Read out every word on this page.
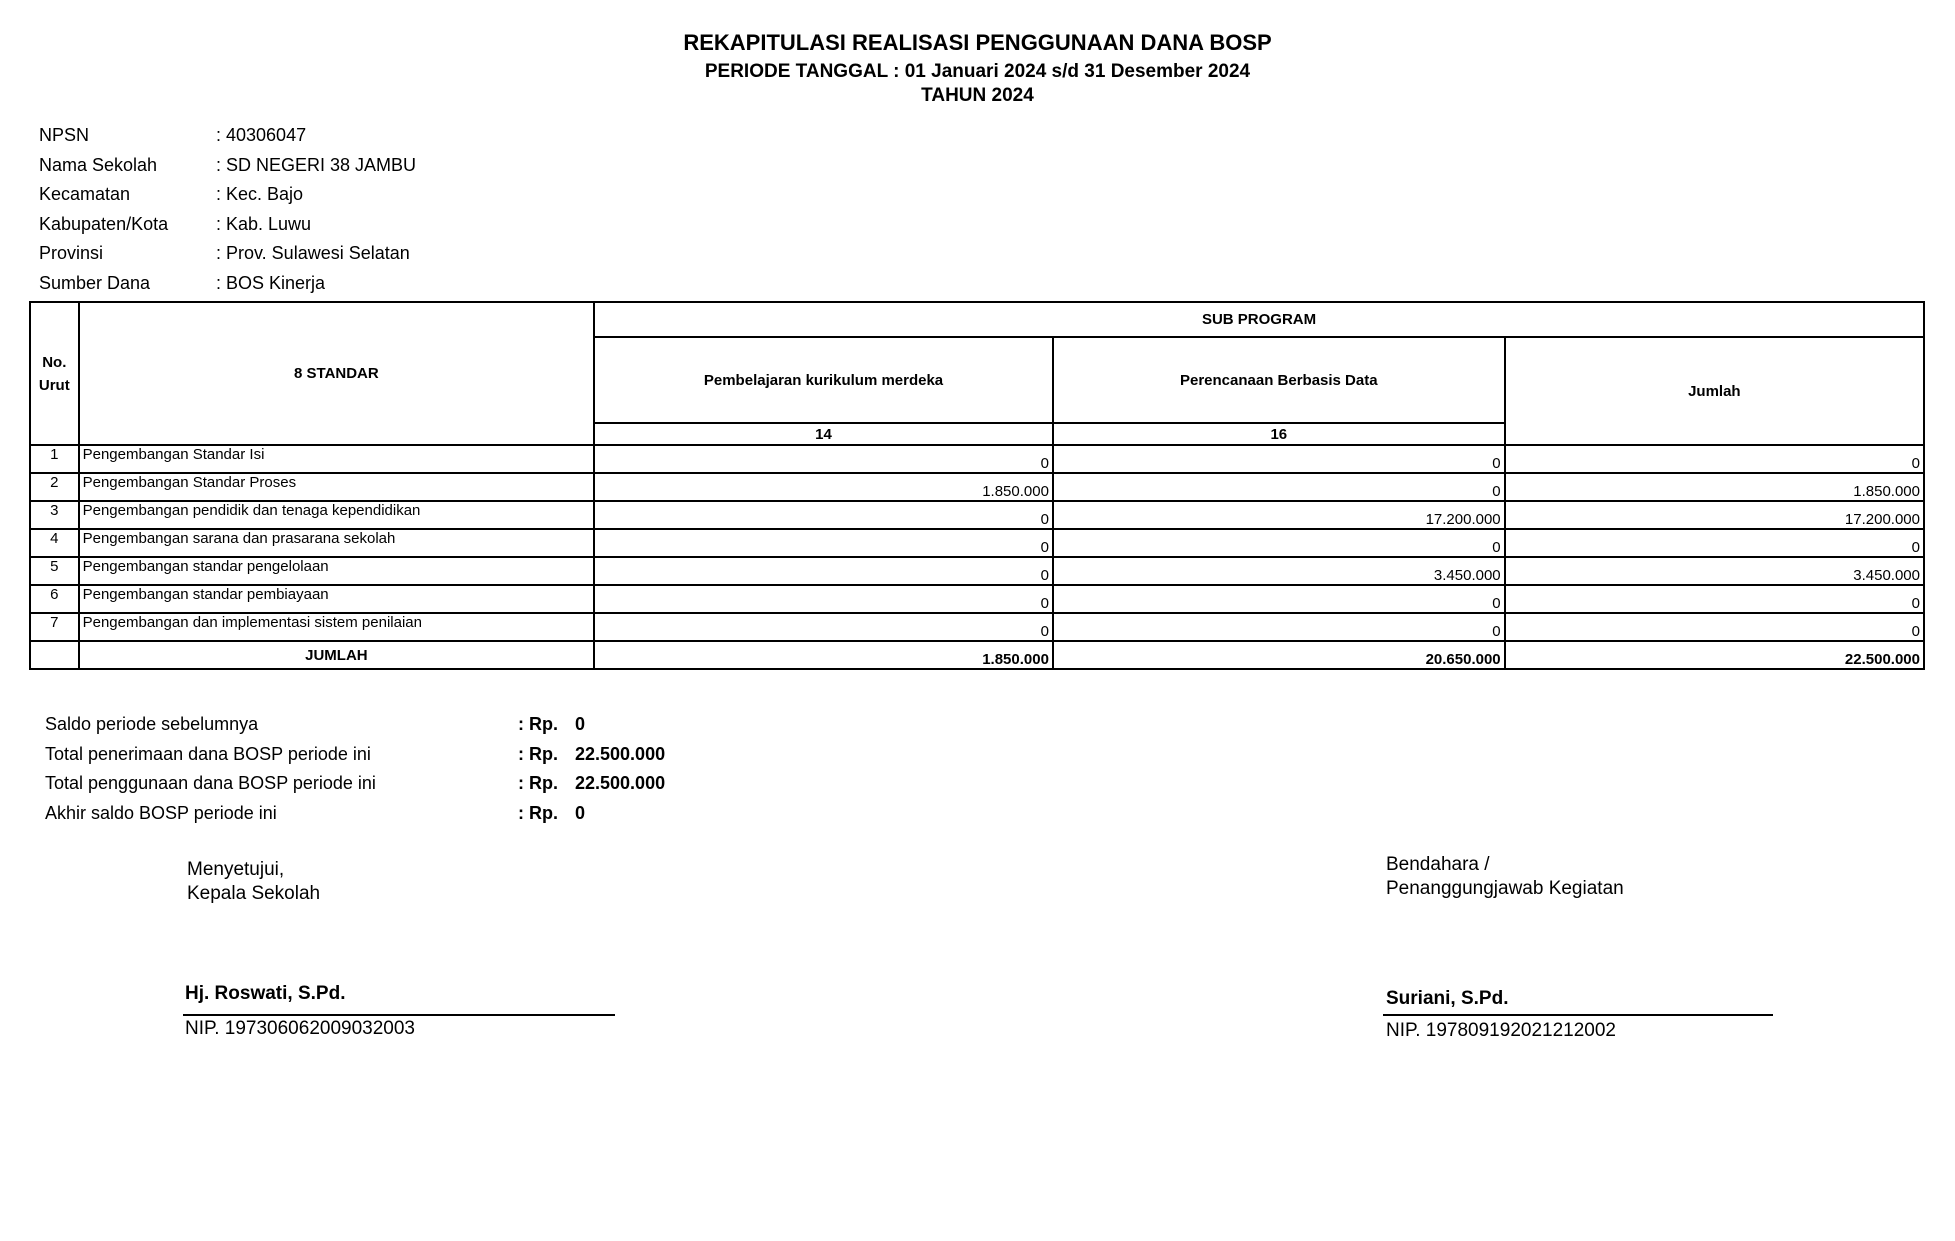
REKAPITULASI REALISASI PENGGUNAAN DANA BOSP
PERIODE TANGGAL : 01 Januari 2024 s/d 31 Desember 2024
TAHUN 2024
NPSN	: 40306047
Nama Sekolah	: SD NEGERI 38 JAMBU
Kecamatan	: Kec. Bajo
Kabupaten/Kota	: Kab. Luwu
Provinsi	: Prov. Sulawesi Selatan
Sumber Dana	: BOS Kinerja
No.
Urut	8 STANDAR	SUB PROGRAM		
		Pembelajaran kurikulum merdeka	Perencanaan Berbasis Data	Jumlah
		14	16	
1	Pengembangan Standar Isi	0	0	0
2	Pengembangan Standar Proses	1.850.000	0	1.850.000
3	Pengembangan pendidik dan tenaga kependidikan	0	17.200.000	17.200.000
4	Pengembangan sarana dan prasarana sekolah	0	0	0
5	Pengembangan standar pengelolaan	0	3.450.000	3.450.000
6	Pengembangan standar pembiayaan	0	0	0
7	Pengembangan dan implementasi sistem penilaian	0	0	0
	JUMLAH	1.850.000	20.650.000	22.500.000
Saldo periode sebelumnya	: Rp. 0
Total penerimaan dana BOSP periode ini	: Rp. 22.500.000
Total penggunaan dana BOSP periode ini	: Rp. 22.500.000
Akhir saldo BOSP periode ini	: Rp. 0
Menyetujui,
Kepala Sekolah
Hj. Roswati, S.Pd.
NIP. 197306062009032003
Bendahara /
Penanggungjawab Kegiatan
Suriani, S.Pd.
NIP. 197809192021212002
